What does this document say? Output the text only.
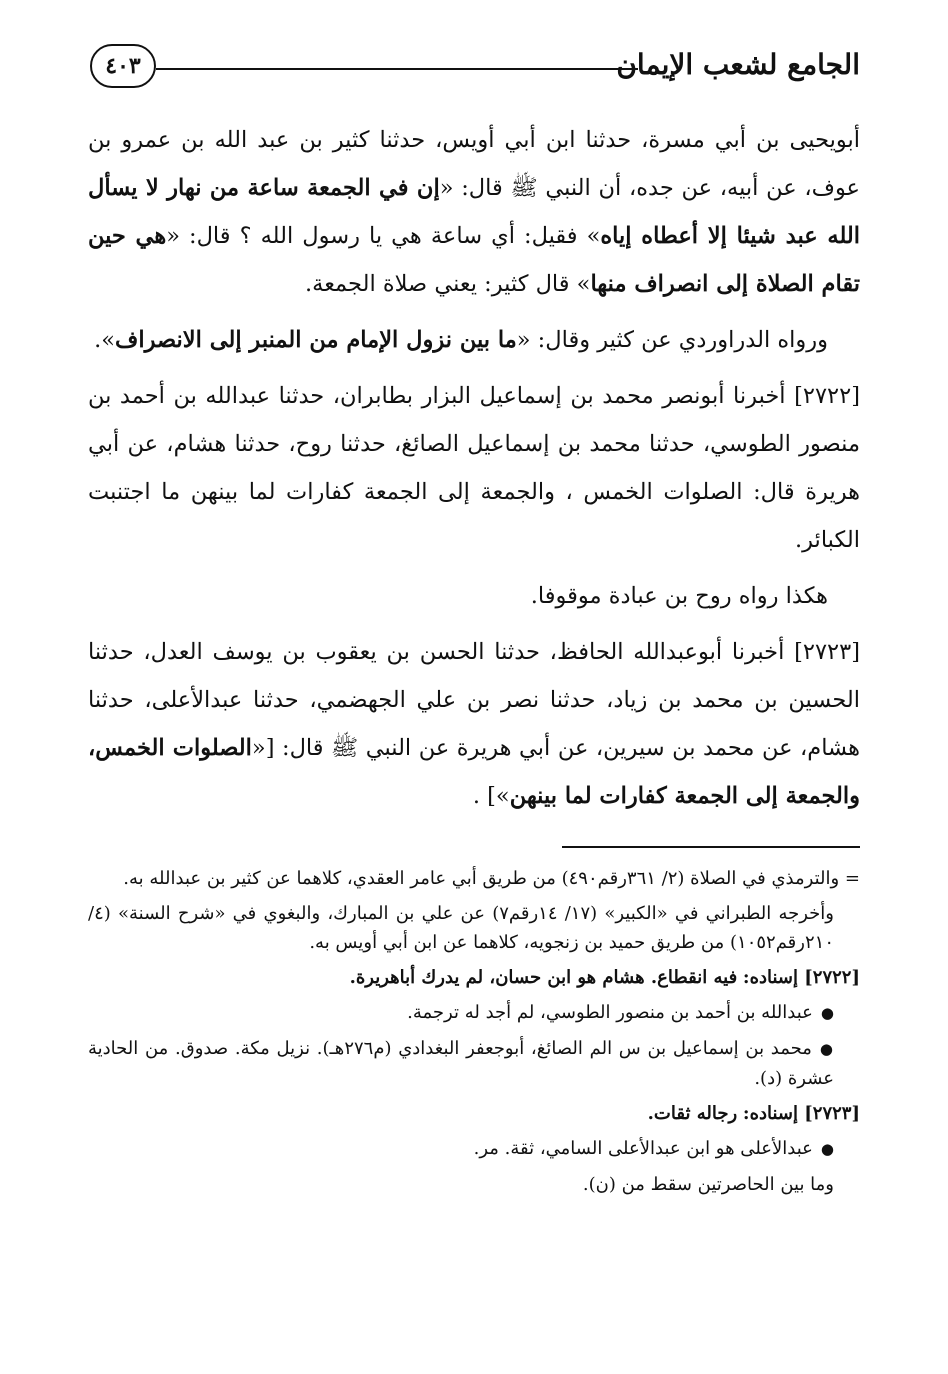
الجامع لشعب الإيمان
٤٠٣

أبويحيى بن أبي مسرة، حدثنا ابن أبي أويس، حدثنا كثير بن عبد الله بن عمرو بن عوف، عن أبيه، عن جده، أن النبي ﷺ قال: «إن في الجمعة ساعة من نهار لا يسأل الله عبد شيئا إلا أعطاه إياه» فقيل: أي ساعة هي يا رسول الله ؟ قال: «هي حين تقام الصلاة إلى انصراف منها» قال كثير: يعني صلاة الجمعة.

ورواه الدراوردي عن كثير وقال: «ما بين نزول الإمام من المنبر إلى الانصراف».

[٢٧٢٢] أخبرنا أبونصر محمد بن إسماعيل البزار بطابران، حدثنا عبدالله بن أحمد بن منصور الطوسي، حدثنا محمد بن إسماعيل الصائغ، حدثنا روح، حدثنا هشام، عن أبي هريرة قال: الصلوات الخمس ، والجمعة إلى الجمعة كفارات لما بينهن ما اجتنبت الكبائر.

هكذا رواه روح بن عبادة موقوفا.

[٢٧٢٣] أخبرنا أبوعبدالله الحافظ، حدثنا الحسن بن يعقوب بن يوسف العدل، حدثنا الحسين بن محمد بن زياد، حدثنا نصر بن علي الجهضمي، حدثنا عبدالأعلى، حدثنا هشام، عن محمد بن سيرين، عن أبي هريرة عن النبي ﷺ قال: [«الصلوات الخمس، والجمعة إلى الجمعة كفارات لما بينهن»] .

= والترمذي في الصلاة (٢/ ٣٦١رقم٤٩٠) من طريق أبي عامر العقدي، كلاهما عن كثير بن عبدالله به.

وأخرجه الطبراني في «الكبير» (١٧/ ١٤رقم٧) عن علي بن المبارك، والبغوي في «شرح السنة» (٤/ ٢١٠رقم١٠٥٢) من طريق حميد بن زنجويه، كلاهما عن ابن أبي أويس به.

[٢٧٢٢] إسناده: فيه انقطاع. هشام هو ابن حسان، لم يدرك أباهريرة.

●عبدالله بن أحمد بن منصور الطوسي، لم أجد له ترجمة.

●محمد بن إسماعيل بن س الم الصائغ، أبوجعفر البغدادي (م٢٧٦هـ). نزيل مكة. صدوق. من الحادية عشرة (د).

[٢٧٢٣] إسناده: رجاله ثقات.

●عبدالأعلى هو ابن عبدالأعلى السامي، ثقة. مر.

وما بين الحاصرتين سقط من (ن).
